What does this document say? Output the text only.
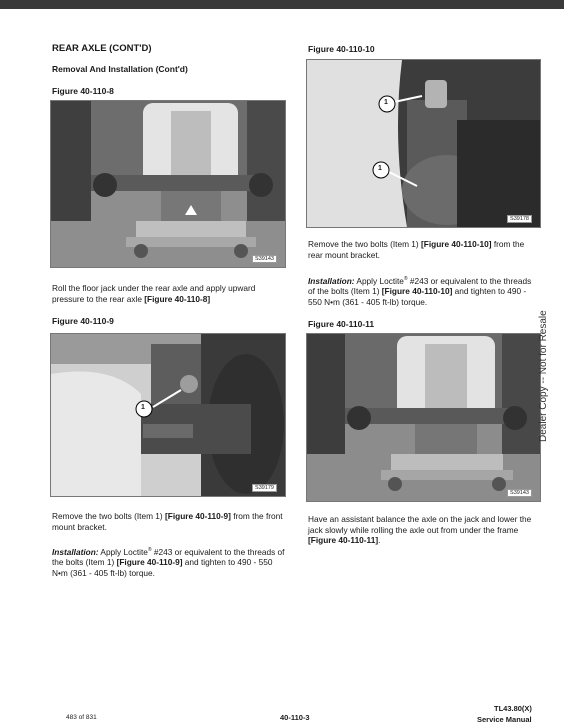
REAR AXLE (CONT'D)
Removal And Installation (Cont'd)
Figure 40-110-8
S39143
Roll the floor jack under the rear axle and apply upward pressure to the rear axle [Figure 40-110-8]
Figure 40-110-9
1
S39179
Remove the two bolts (Item 1) [Figure 40-110-9] from the front mount bracket.
Installation: Apply Loctite® #243 or equivalent to the threads of the bolts (Item 1) [Figure 40-110-9] and tighten to 490 - 550 N•m (361 - 405 ft-lb) torque.
Figure 40-110-10
1
1
S39178
Remove the two bolts (Item 1) [Figure 40-110-10] from the rear mount bracket.
Installation: Apply Loctite® #243 or equivalent to the threads of the bolts (Item 1) [Figure 40-110-10] and tighten to 490 - 550 N•m (361 - 405 ft-lb) torque.
Figure 40-110-11
S39143
Have an assistant balance the axle on the jack and lower the jack slowly while rolling the axle out from under the frame [Figure 40-110-11].
Dealer Copy -- Not for Resale
483 of 831	40-110-3
TL43.80(X)
Service Manual
